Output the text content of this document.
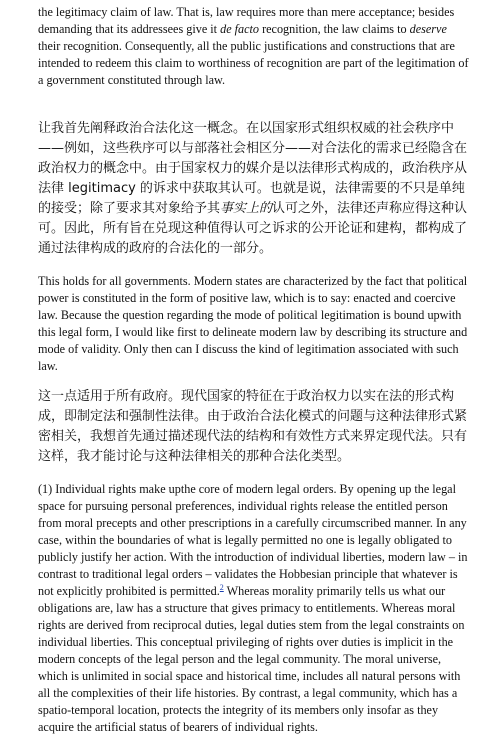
the legitimacy claim of law. That is, law requires more than mere acceptance; besides demanding that its addressees give it de facto recognition, the law claims to deserve their recognition. Consequently, all the public justifications and constructions that are intended to redeem this claim to worthiness of recognition are part of the legitimation of a government constituted through law.

让我首先阐释政治合法化这一概念。在以国家形式组织权威的社会秩序中——例如，这些秩序可以与部落社会相区分——对合法化的需求已经隐含在政治权力的概念中。由于国家权力的媒介是以法律形式构成的，政治秩序从法律 legitimacy 的诉求中获取其认可。也就是说，法律需要的不只是单纯的接受；除了要求其对象给予其事实上的认可之外，法律还声称应得这种认可。因此，所有旨在兑现这种值得认可之诉求的公开论证和建构，都构成了通过法律构成的政府的合法化的一部分。

This holds for all governments. Modern states are characterized by the fact that political power is constituted in the form of positive law, which is to say: enacted and coercive law. Because the question regarding the mode of political legitimation is bound upwith this legal form, I would like first to delineate modern law by describing its structure and mode of validity. Only then can I discuss the kind of legitimation associated with such law.

这一点适用于所有政府。现代国家的特征在于政治权力以实在法的形式构成，即制定法和强制性法律。由于政治合法化模式的问题与这种法律形式紧密相关，我想首先通过描述现代法的结构和有效性方式来界定现代法。只有这样，我才能讨论与这种法律相关的那种合法化类型。

(1) Individual rights make upthe core of modern legal orders. By opening up the legal space for pursuing personal preferences, individual rights release the entitled person from moral precepts and other prescriptions in a carefully circumscribed manner. In any case, within the boundaries of what is legally permitted no one is legally obligated to publicly justify her action. With the introduction of individual liberties, modern law – in contrast to traditional legal orders – validates the Hobbesian principle that whatever is not explicitly prohibited is permitted.$^2$ Whereas morality primarily tells us what our obligations are, law has a structure that gives primacy to entitlements. Whereas moral rights are derived from reciprocal duties, legal duties stem from the legal constraints on individual liberties. This conceptual privileging of rights over duties is implicit in the modern concepts of the legal person and the legal community. The moral universe, which is unlimited in social space and historical time, includes all natural persons with all the complexities of their life histories. By contrast, a legal community, which has a spatio-temporal location, protects the integrity of its members only insofar as they acquire the artificial status of bearers of individual rights.
